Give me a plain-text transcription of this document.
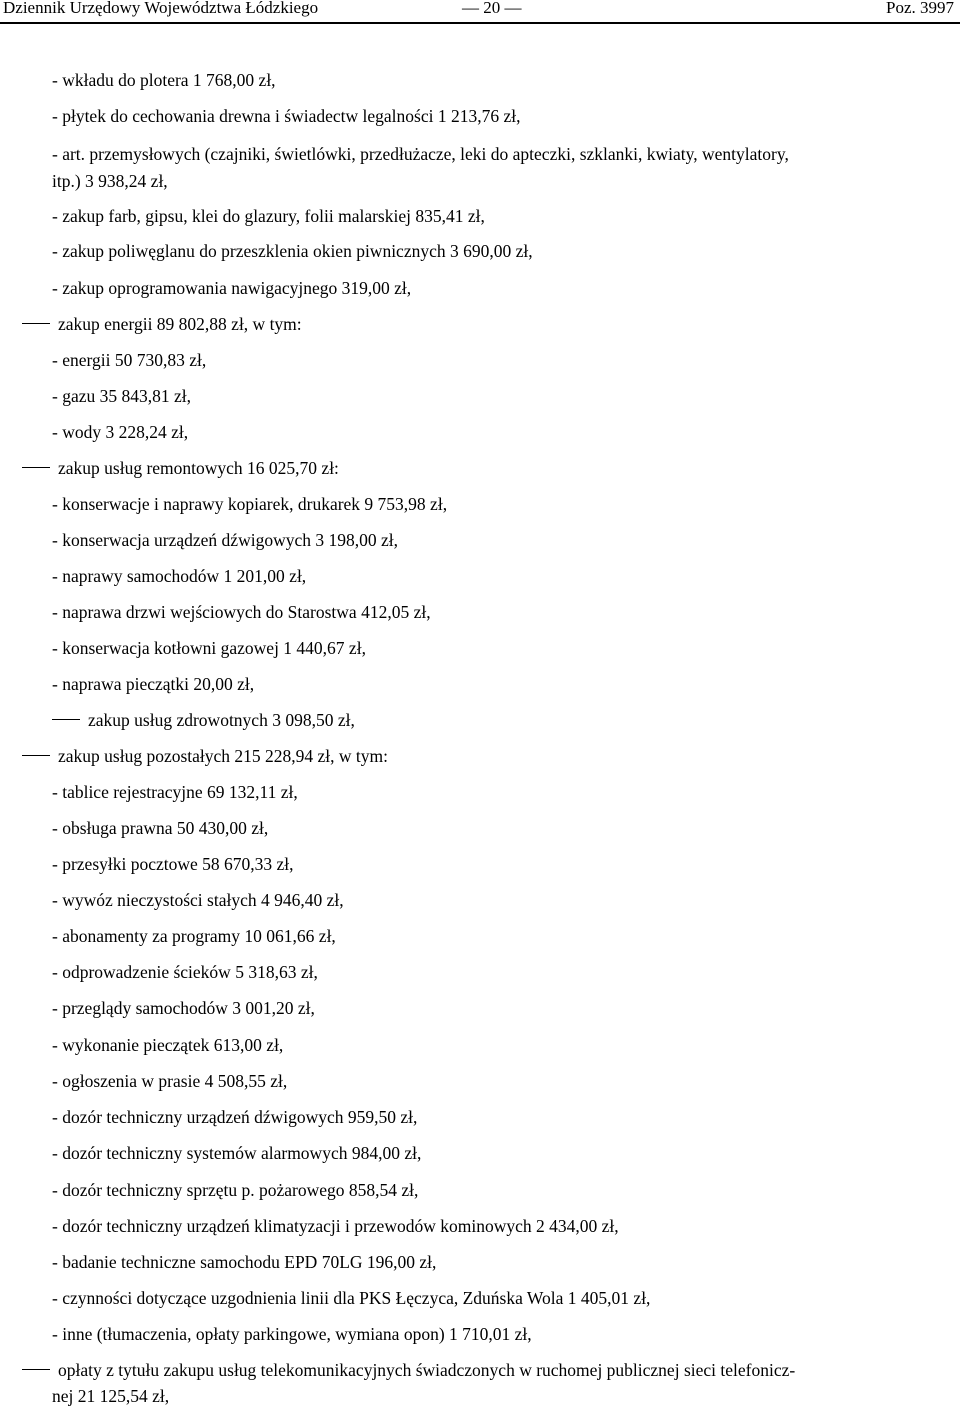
Dziennik Urzędowy Województwa Łódzkiego	— 20 —	Poz. 3997
- wkładu do plotera 1 768,00 zł,
- płytek do cechowania drewna i świadectw legalności 1 213,76 zł,
- art. przemysłowych (czajniki, świetlówki, przedłużacze, leki do apteczki, szklanki, kwiaty, wentylatory,
itp.) 3 938,24 zł,
- zakup farb, gipsu, klei do glazury, folii malarskiej 835,41 zł,
- zakup poliwęglanu do przeszklenia okien piwnicznych 3 690,00 zł,
- zakup oprogramowania nawigacyjnego 319,00 zł,
zakup energii 89 802,88 zł, w tym:
- energii 50 730,83 zł,
- gazu 35 843,81 zł,
- wody 3 228,24 zł,
zakup usług remontowych 16 025,70 zł:
- konserwacje i naprawy kopiarek, drukarek 9 753,98 zł,
- konserwacja urządzeń dźwigowych 3 198,00 zł,
- naprawy samochodów 1 201,00 zł,
- naprawa drzwi wejściowych do Starostwa 412,05 zł,
- konserwacja kotłowni gazowej 1 440,67 zł,
- naprawa pieczątki 20,00 zł,
zakup usług zdrowotnych 3 098,50 zł,
zakup usług pozostałych 215 228,94 zł, w tym:
- tablice rejestracyjne 69 132,11 zł,
- obsługa prawna 50 430,00 zł,
- przesyłki pocztowe 58 670,33 zł,
- wywóz nieczystości stałych 4 946,40 zł,
- abonamenty za programy 10 061,66 zł,
- odprowadzenie ścieków 5 318,63 zł,
- przeglądy samochodów 3 001,20 zł,
- wykonanie pieczątek 613,00 zł,
- ogłoszenia w prasie 4 508,55 zł,
- dozór techniczny urządzeń dźwigowych 959,50 zł,
- dozór techniczny systemów alarmowych 984,00 zł,
- dozór techniczny sprzętu p. pożarowego 858,54 zł,
- dozór techniczny urządzeń klimatyzacji i przewodów kominowych 2 434,00 zł,
- badanie techniczne samochodu EPD 70LG 196,00 zł,
- czynności dotyczące uzgodnienia linii dla PKS Łęczyca, Zduńska Wola 1 405,01 zł,
- inne (tłumaczenia, opłaty parkingowe, wymiana opon) 1 710,01 zł,
opłaty z tytułu zakupu usług telekomunikacyjnych świadczonych w ruchomej publicznej sieci telefonicz-
nej 21 125,54 zł,
